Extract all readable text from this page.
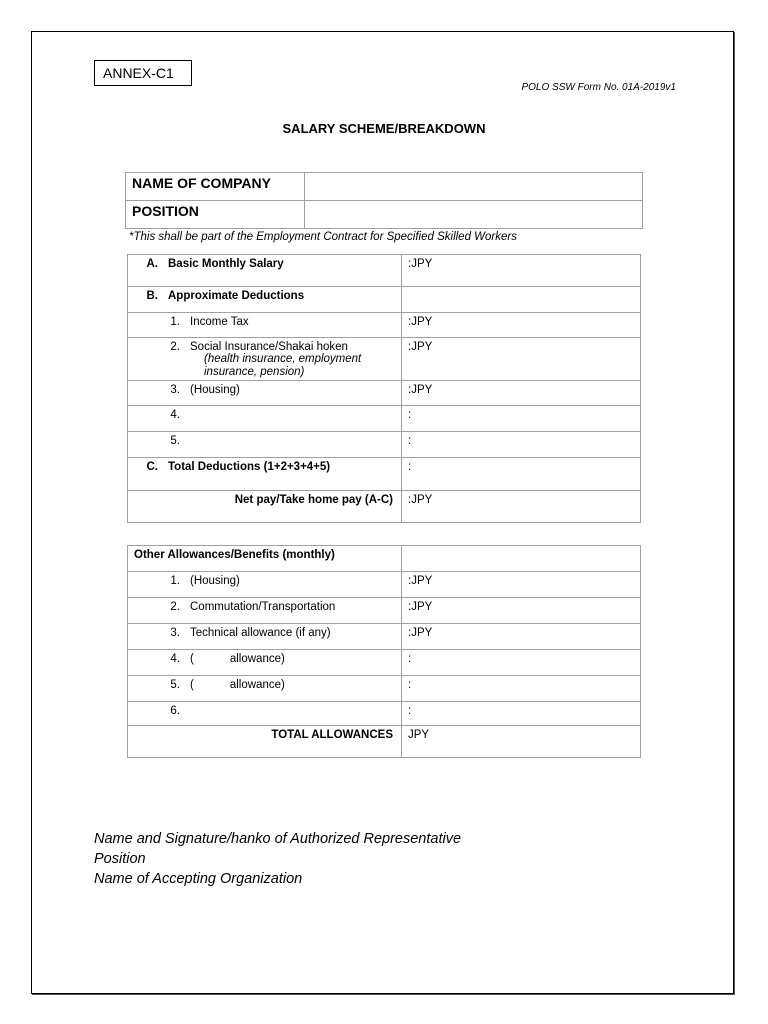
ANNEX-C1
POLO SSW Form No. 01A-2019v1
SALARY SCHEME/BREAKDOWN
NAME OF COMPANY	
POSITION	
*This shall be part of the Employment Contract for Specified Skilled Workers
A. Basic Monthly Salary	:JPY
B. Approximate Deductions	
1. Income Tax	:JPY
2. Social Insurance/Shakai hoken
(health insurance, employment insurance, pension)	:JPY
3. (Housing)	:JPY
4.	:
5.	:
C. Total Deductions (1+2+3+4+5)	:
Net pay/Take home pay (A-C)	:JPY
Other Allowances/Benefits (monthly)	
1. (Housing)	:JPY
2. Commutation/Transportation	:JPY
3. Technical allowance (if any)	:JPY
4. ( allowance)	:
5. ( allowance)	:
6.	:
TOTAL ALLOWANCES	JPY
Name and Signature/hanko of Authorized Representative
Position
Name of Accepting Organization
